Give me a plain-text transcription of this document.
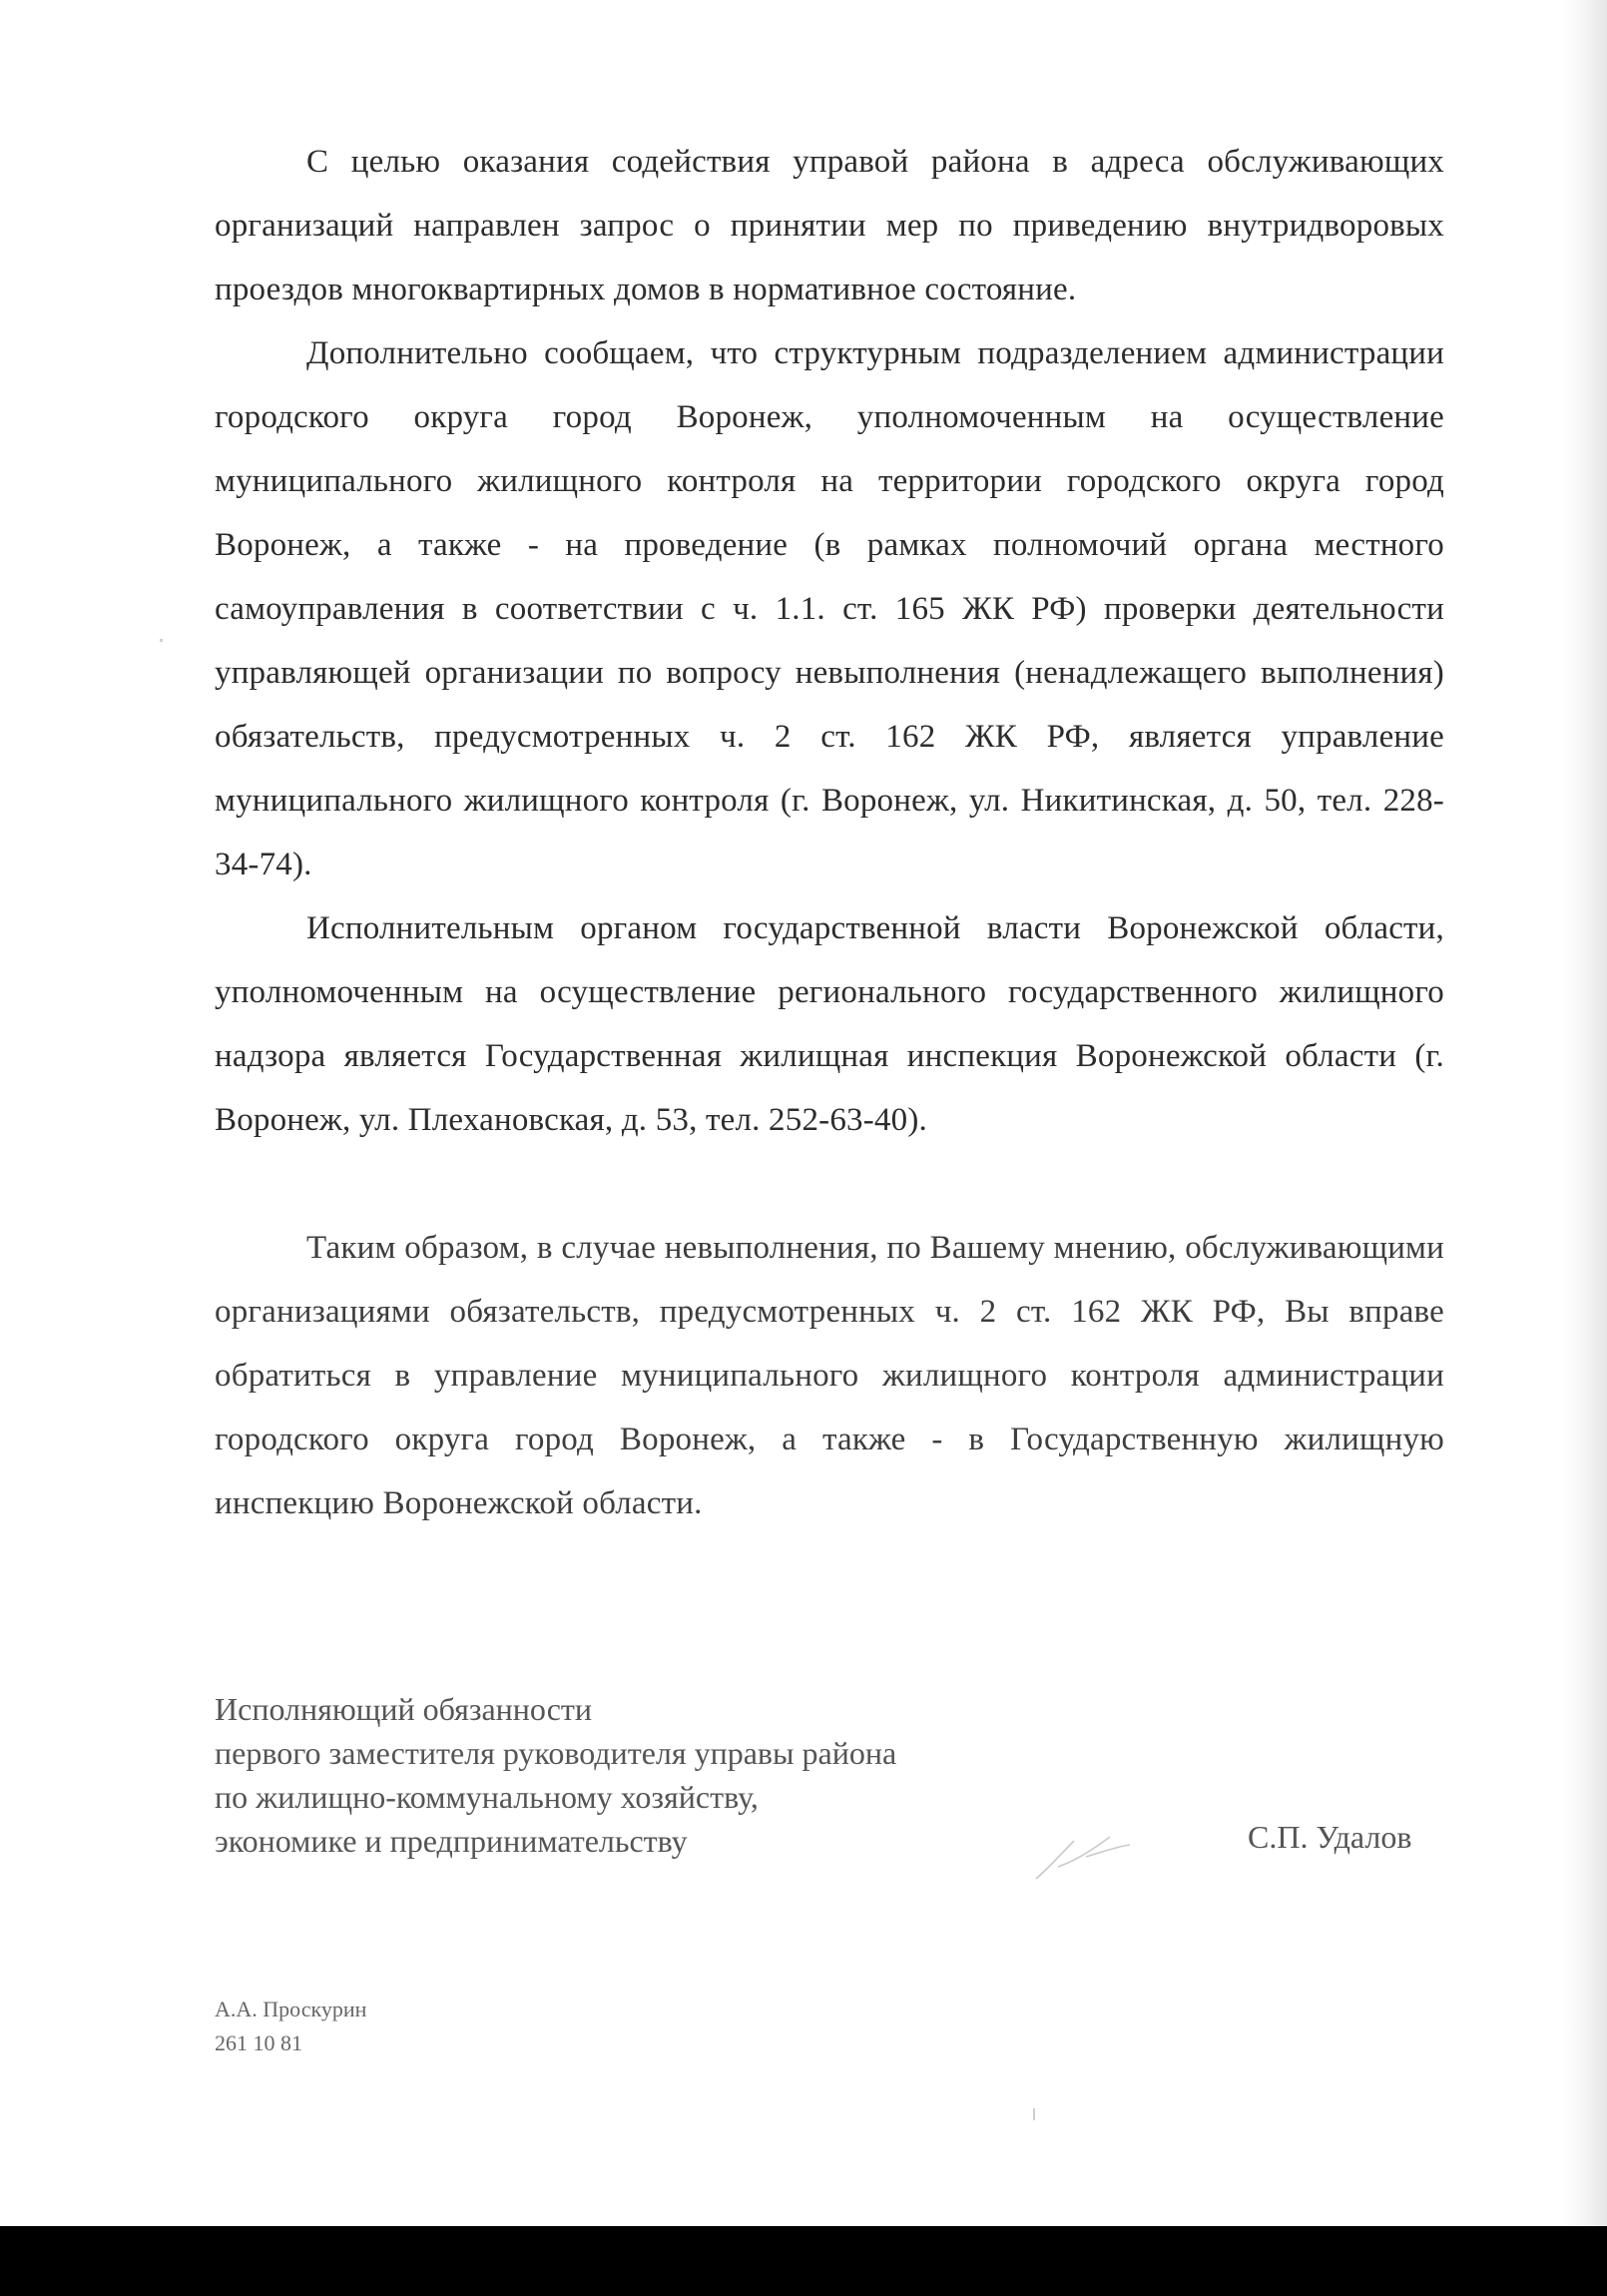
С целью оказания содействия управой района в адреса обслуживающих организаций направлен запрос о принятии мер по приведению внутридворовых проездов многоквартирных домов в нормативное состояние.

Дополнительно сообщаем, что структурным подразделением администрации городского округа город Воронеж, уполномоченным на осуществление муниципального жилищного контроля на территории городского округа город Воронеж, а также - на проведение (в рамках полномочий органа местного самоуправления в соответствии с ч. 1.1. ст. 165 ЖК РФ) проверки деятельности управляющей организации по вопросу невыполнения (ненадлежащего выполнения) обязательств, предусмотренных ч. 2 ст. 162 ЖК РФ, является управление муниципального жилищного контроля (г. Воронеж, ул. Никитинская, д. 50, тел. 228-34-74).

Исполнительным органом государственной власти Воронежской области, уполномоченным на осуществление регионального государственного жилищного надзора является Государственная жилищная инспекция Воронежской области (г. Воронеж, ул. Плехановская, д. 53, тел. 252-63-40).

Таким образом, в случае невыполнения, по Вашему мнению, обслуживающими организациями обязательств, предусмотренных ч. 2 ст. 162 ЖК РФ, Вы вправе обратиться в управление муниципального жилищного контроля администрации городского округа город Воронеж, а также - в Государственную жилищную инспекцию Воронежской области.

Исполняющий обязанности
первого заместителя руководителя управы района
по жилищно-коммунальному хозяйству,
экономике и предпринимательству	С.П. Удалов
А.А. Проскурин
261 10 81
